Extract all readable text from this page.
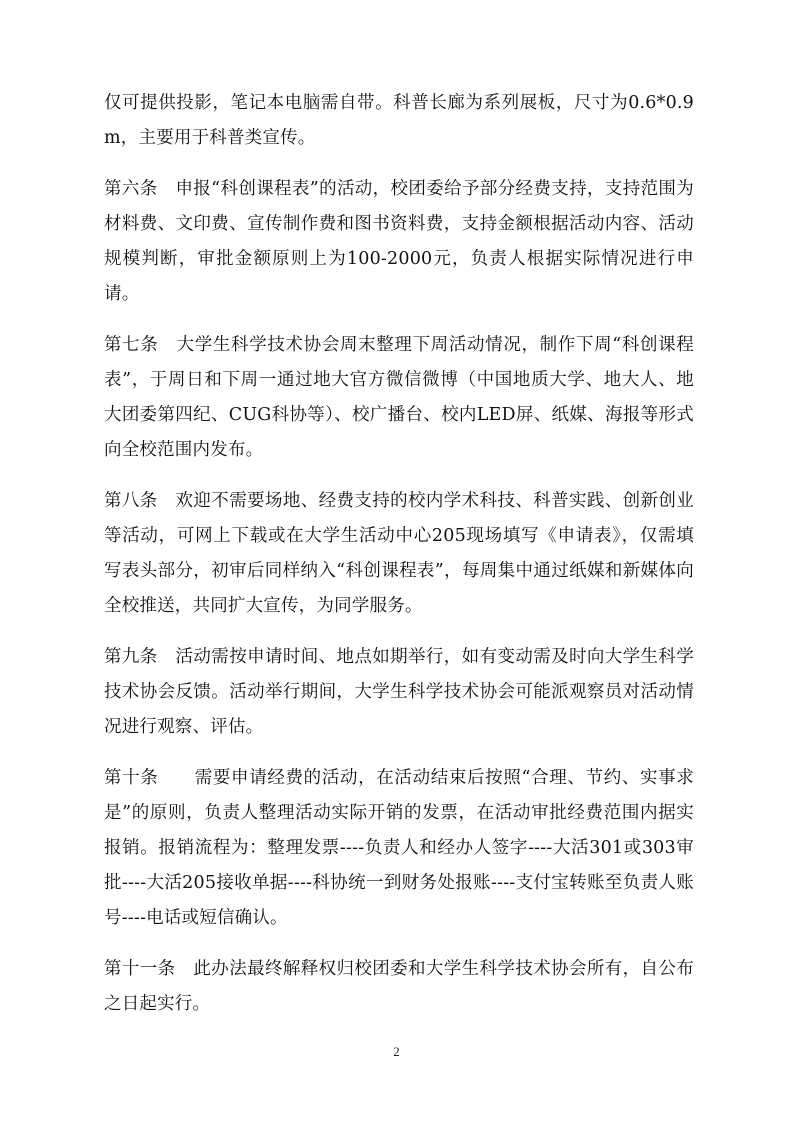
仅可提供投影，笔记本电脑需自带。科普长廊为系列展板，尺寸为0.6*0.9m，主要用于科普类宣传。

第六条　申报“科创课程表”的活动，校团委给予部分经费支持，支持范围为材料费、文印费、宣传制作费和图书资料费，支持金额根据活动内容、活动规模判断，审批金额原则上为100-2000元，负责人根据实际情况进行申请。

第七条　大学生科学技术协会周末整理下周活动情况，制作下周“科创课程表”，于周日和下周一通过地大官方微信微博（中国地质大学、地大人、地大团委第四纪、CUG科协等）、校广播台、校内LED屏、纸媒、海报等形式向全校范围内发布。

第八条　欢迎不需要场地、经费支持的校内学术科技、科普实践、创新创业等活动，可网上下载或在大学生活动中心205现场填写《申请表》，仅需填写表头部分，初审后同样纳入“科创课程表”，每周集中通过纸媒和新媒体向全校推送，共同扩大宣传，为同学服务。

第九条　活动需按申请时间、地点如期举行，如有变动需及时向大学生科学技术协会反馈。活动举行期间，大学生科学技术协会可能派观察员对活动情况进行观察、评估。

第十条　　需要申请经费的活动，在活动结束后按照“合理、节约、实事求是”的原则，负责人整理活动实际开销的发票，在活动审批经费范围内据实报销。报销流程为：整理发票----负责人和经办人签字----大活301或303审批----大活205接收单据----科协统一到财务处报账----支付宝转账至负责人账号----电话或短信确认。

第十一条　此办法最终解释权归校团委和大学生科学技术协会所有，自公布之日起实行。

2
